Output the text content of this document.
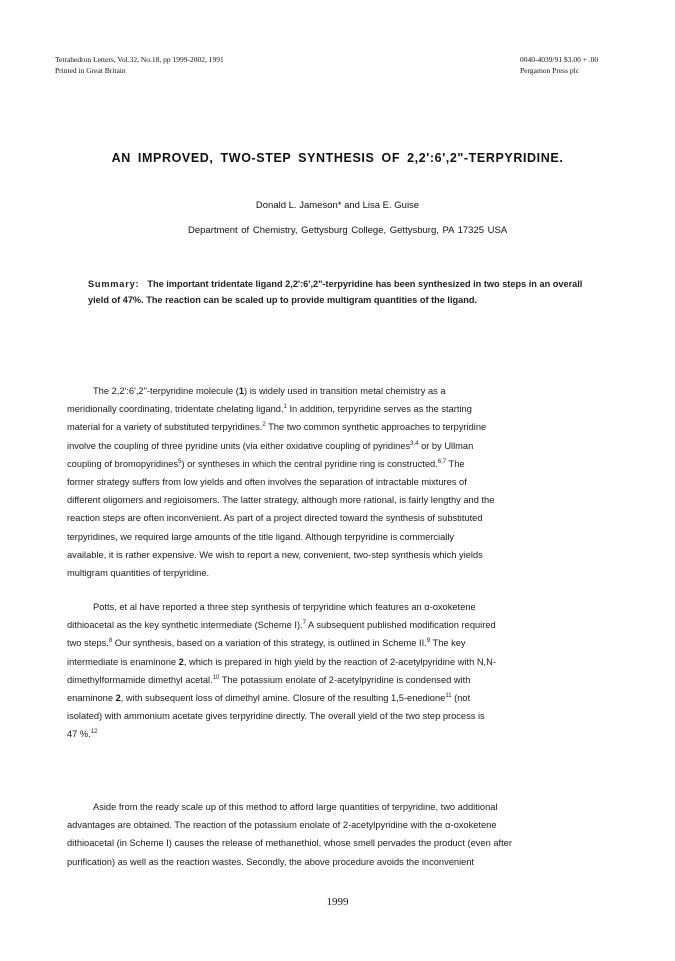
Tetrahedron Letters, Vol.32, No.18, pp 1999-2002, 1991
Printed in Great Britain
0040-4039/91 $3.00 + .00
Pergamon Press plc
AN IMPROVED, TWO-STEP SYNTHESIS OF 2,2':6',2"-TERPYRIDINE.
Donald L. Jameson* and Lisa E. Guise
Department of Chemistry, Gettysburg College, Gettysburg, PA 17325 USA
Summary: The important tridentate ligand 2,2':6',2"-terpyridine has been synthesized in two steps in an overall yield of 47%. The reaction can be scaled up to provide multigram quantities of the ligand.
The 2,2':6',2"-terpyridine molecule (1) is widely used in transition metal chemistry as a
meridionally coordinating, tridentate chelating ligand.$^1$ In addition, terpyridine serves as the starting
material for a variety of substituted terpyridines.$^2$ The two common synthetic approaches to terpyridine
involve the coupling of three pyridine units (via either oxidative coupling of pyridines$^{3,4}$ or by Ullman
coupling of bromopyridines$^5$) or syntheses in which the central pyridine ring is constructed.$^{6,7}$ The
former strategy suffers from low yields and often involves the separation of intractable mixtures of
different oligomers and regioisomers. The latter strategy, although more rational, is fairly lengthy and the
reaction steps are often inconvenient. As part of a project directed toward the synthesis of substituted
terpyridines, we required large amounts of the title ligand. Although terpyridine is commercially
available, it is rather expensive. We wish to report a new, convenient, two-step synthesis which yields
multigram quantities of terpyridine.
Potts, et al have reported a three step synthesis of terpyridine which features an α-oxoketene
dithioacetal as the key synthetic intermediate (Scheme I).$^7$ A subsequent published modification required
two steps.$^8$ Our synthesis, based on a variation of this strategy, is outlined in Scheme II.$^9$ The key
intermediate is enaminone 2, which is prepared in high yield by the reaction of 2-acetylpyridine with N,N-
dimethylformamide dimethyl acetal.$^{10}$ The potassium enolate of 2-acetylpyridine is condensed with
enaminone 2, with subsequent loss of dimethyl amine. Closure of the resulting 1,5-enedione$^{11}$ (not
isolated) with ammonium acetate gives terpyridine directly. The overall yield of the two step process is
47 %.$^{12}$
Aside from the ready scale up of this method to afford large quantities of terpyridine, two additional
advantages are obtained. The reaction of the potassium enolate of 2-acetylpyridine with the α-oxoketene
dithioacetal (in Scheme I) causes the release of methanethiol, whose smell pervades the product (even after
purification) as well as the reaction wastes. Secondly, the above procedure avoids the inconvenient
1999
